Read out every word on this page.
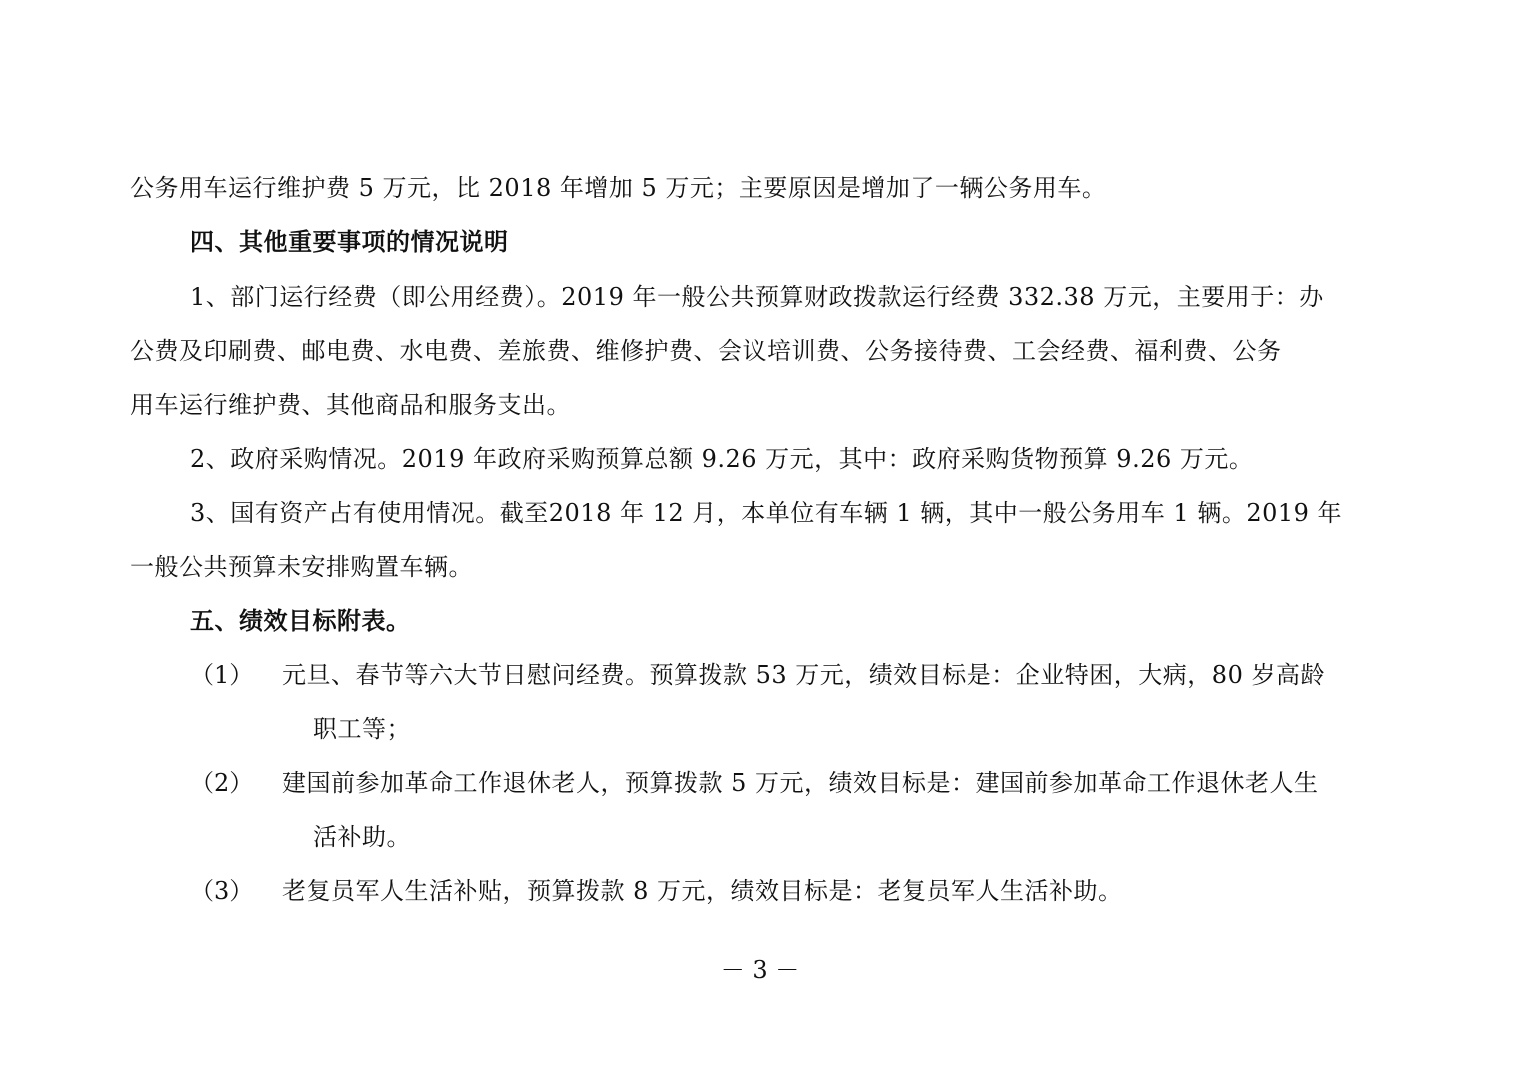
公务用车运行维护费 5 万元，比 2018 年增加 5 万元；主要原因是增加了一辆公务用车。
四、其他重要事项的情况说明
1、部门运行经费（即公用经费）。2019 年一般公共预算财政拨款运行经费 332.38 万元，主要用于：办
公费及印刷费、邮电费、水电费、差旅费、维修护费、会议培训费、公务接待费、工会经费、福利费、公务
用车运行维护费、其他商品和服务支出。
2、政府采购情况。2019 年政府采购预算总额 9.26 万元，其中：政府采购货物预算 9.26 万元。
3、国有资产占有使用情况。截至2018 年 12 月，本单位有车辆 1 辆，其中一般公务用车 1 辆。2019 年
一般公共预算未安排购置车辆。
五、绩效目标附表。
（1） 元旦、春节等六大节日慰问经费。预算拨款 53 万元，绩效目标是：企业特困，大病，80 岁高龄
职工等；
（2） 建国前参加革命工作退休老人，预算拨款 5 万元，绩效目标是：建国前参加革命工作退休老人生
活补助。
（3） 老复员军人生活补贴，预算拨款 8 万元，绩效目标是：老复员军人生活补助。
－ 3 －
